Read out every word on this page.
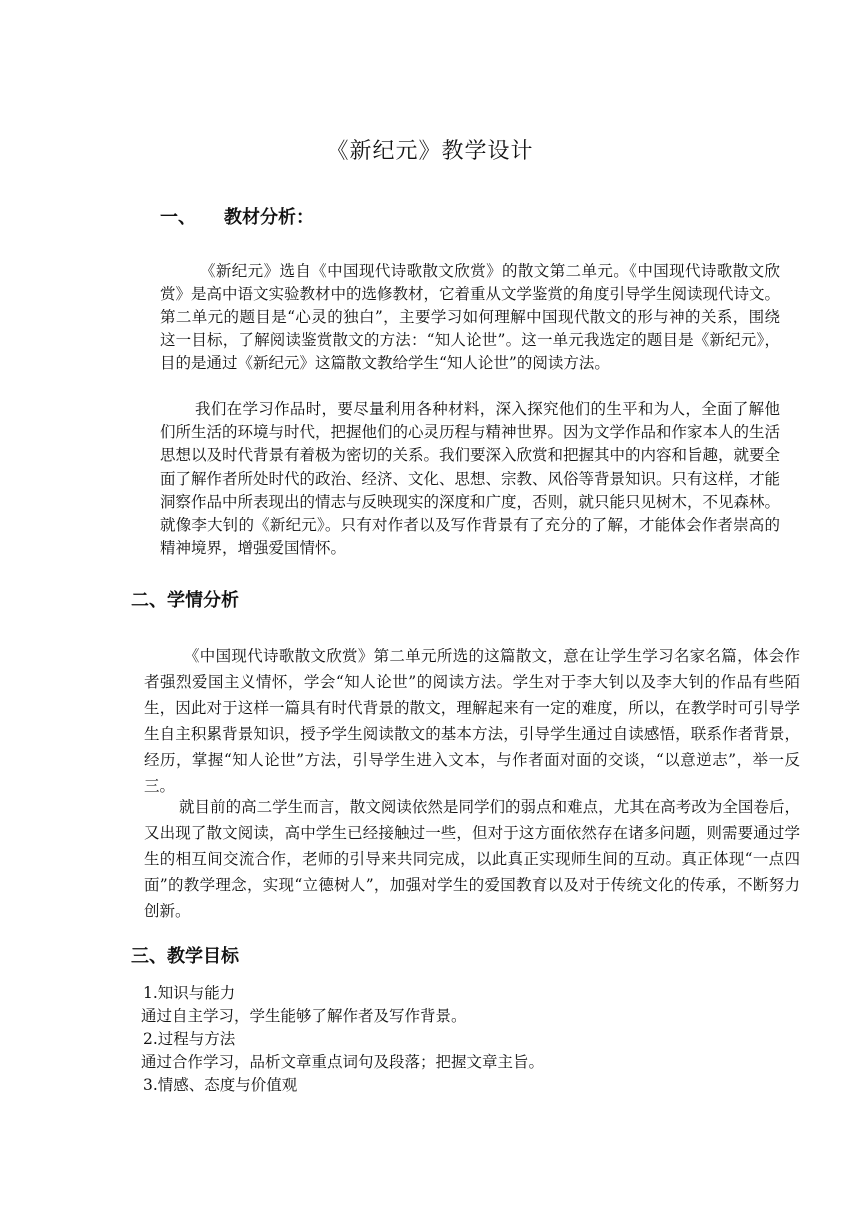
《新纪元》教学设计
一、 教材分析：

《新纪元》选自《中国现代诗歌散文欣赏》的散文第二单元。《中国现代诗歌散文欣赏》是高中语文实验教材中的选修教材，它着重从文学鉴赏的角度引导学生阅读现代诗文。第二单元的题目是“心灵的独白”，主要学习如何理解中国现代散文的形与神的关系，围绕这一目标，了解阅读鉴赏散文的方法：“知人论世”。这一单元我选定的题目是《新纪元》，目的是通过《新纪元》这篇散文教给学生“知人论世”的阅读方法。

我们在学习作品时，要尽量利用各种材料，深入探究他们的生平和为人，全面了解他们所生活的环境与时代，把握他们的心灵历程与精神世界。因为文学作品和作家本人的生活思想以及时代背景有着极为密切的关系。我们要深入欣赏和把握其中的内容和旨趣，就要全面了解作者所处时代的政治、经济、文化、思想、宗教、风俗等背景知识。只有这样，才能洞察作品中所表现出的情志与反映现实的深度和广度，否则，就只能只见树木，不见森林。就像李大钊的《新纪元》。只有对作者以及写作背景有了充分的了解，才能体会作者崇高的精神境界，增强爱国情怀。

二、学情分析

《中国现代诗歌散文欣赏》第二单元所选的这篇散文，意在让学生学习名家名篇，体会作者强烈爱国主义情怀，学会“知人论世”的阅读方法。学生对于李大钊以及李大钊的作品有些陌生，因此对于这样一篇具有时代背景的散文，理解起来有一定的难度，所以，在教学时可引导学生自主积累背景知识，授予学生阅读散文的基本方法，引导学生通过自读感悟，联系作者背景，经历，掌握“知人论世”方法，引导学生进入文本，与作者面对面的交谈，“以意逆志”，举一反三。

就目前的高二学生而言，散文阅读依然是同学们的弱点和难点，尤其在高考改为全国卷后，又出现了散文阅读，高中学生已经接触过一些，但对于这方面依然存在诸多问题，则需要通过学生的相互间交流合作，老师的引导来共同完成，以此真正实现师生间的互动。真正体现“一点四面”的教学理念，实现“立德树人”，加强对学生的爱国教育以及对于传统文化的传承，不断努力创新。

三、教学目标
1.知识与能力
通过自主学习，学生能够了解作者及写作背景。
2.过程与方法
通过合作学习，品析文章重点词句及段落；把握文章主旨。
3.情感、态度与价值观
